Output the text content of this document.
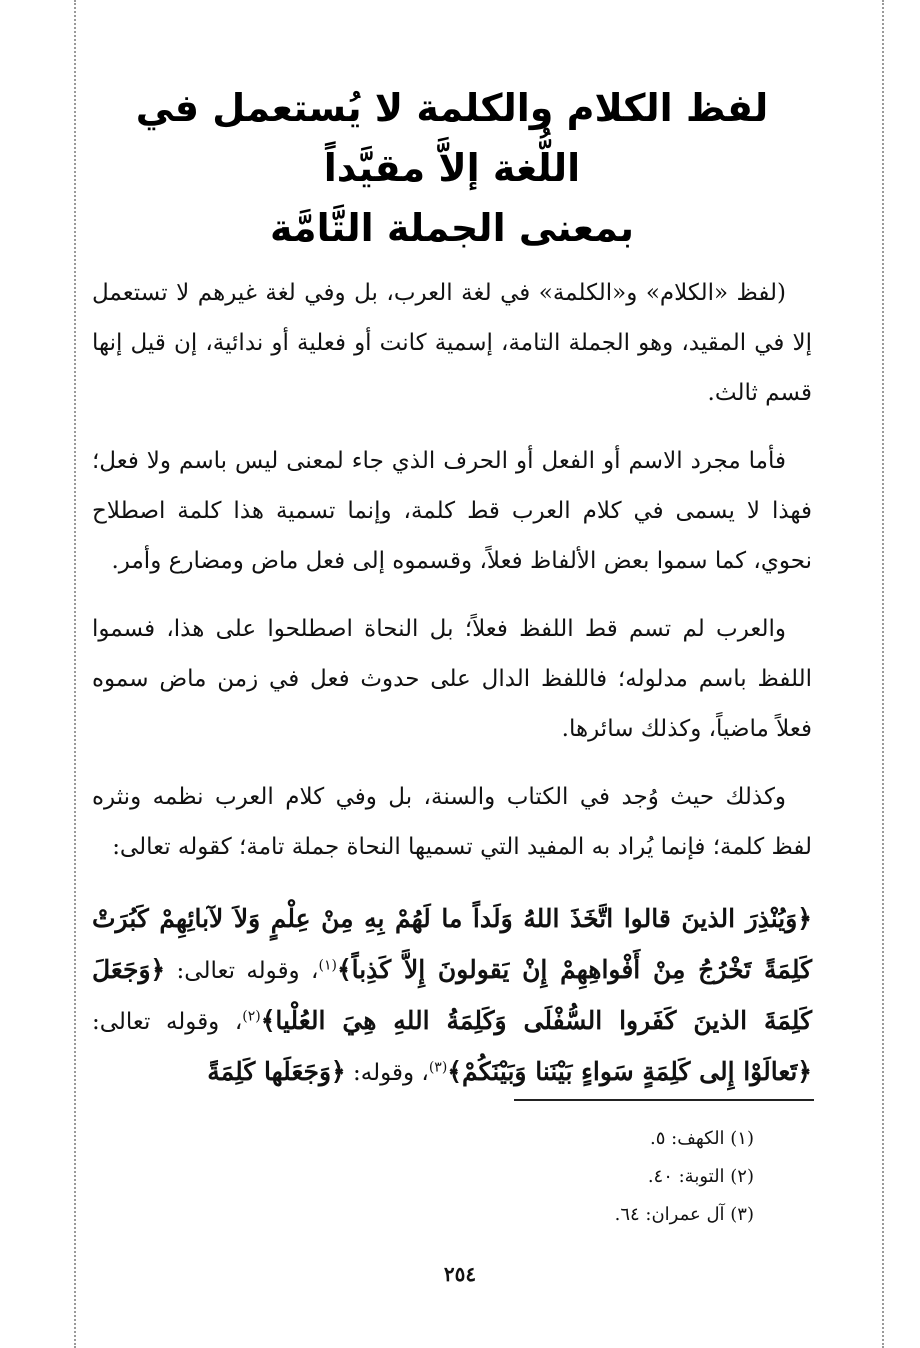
لفظ الكلام والكلمة لا يُستعمل في اللُّغة إلاَّ مقيَّداً
بمعنى الجملة التَّامَّة

(لفظ «الكلام» و«الكلمة» في لغة العرب، بل وفي لغة غيرهم لا تستعمل إلا في المقيد، وهو الجملة التامة، إسمية كانت أو فعلية أو ندائية، إن قيل إنها قسم ثالث.

فأما مجرد الاسم أو الفعل أو الحرف الذي جاء لمعنى ليس باسم ولا فعل؛ فهذا لا يسمى في كلام العرب قط كلمة، وإنما تسمية هذا كلمة اصطلاح نحوي، كما سموا بعض الألفاظ فعلاً، وقسموه إلى فعل ماض ومضارع وأمر.

والعرب لم تسم قط اللفظ فعلاً؛ بل النحاة اصطلحوا على هذا، فسموا اللفظ باسم مدلوله؛ فاللفظ الدال على حدوث فعل في زمن ماض سموه فعلاً ماضياً، وكذلك سائرها.

وكذلك حيث وُجد في الكتاب والسنة، بل وفي كلام العرب نظمه ونثره لفظ كلمة؛ فإنما يُراد به المفيد التي تسميها النحاة جملة تامة؛ كقوله تعالى:

﴿وَيُنْذِرَ الذينَ قالوا اتَّخَذَ اللهُ وَلَداً ما لَهُمْ بِهِ مِنْ عِلْمٍ وَلاَ لآبائِهِمْ كَبُرَتْ كَلِمَةً تَخْرُجُ مِنْ أَفْواهِهِمْ إِنْ يَقولونَ إِلاَّ كَذِباً﴾$^{(١)}$، وقوله تعالى: ﴿وَجَعَلَ كَلِمَةَ الذينَ كَفَروا السُّفْلَى وَكَلِمَةُ اللهِ هِيَ العُلْيا﴾$^{(٢)}$، وقوله تعالى: ﴿تَعالَوْا إِلى كَلِمَةٍ سَواءٍ بَيْنَنا وَبَيْنَكُمْ﴾$^{(٣)}$، وقوله: ﴿وَجَعَلَها كَلِمَةً

(١) الكهف: ٥.

(٢) التوبة: ٤٠.

(٣) آل عمران: ٦٤.

٢٥٤
